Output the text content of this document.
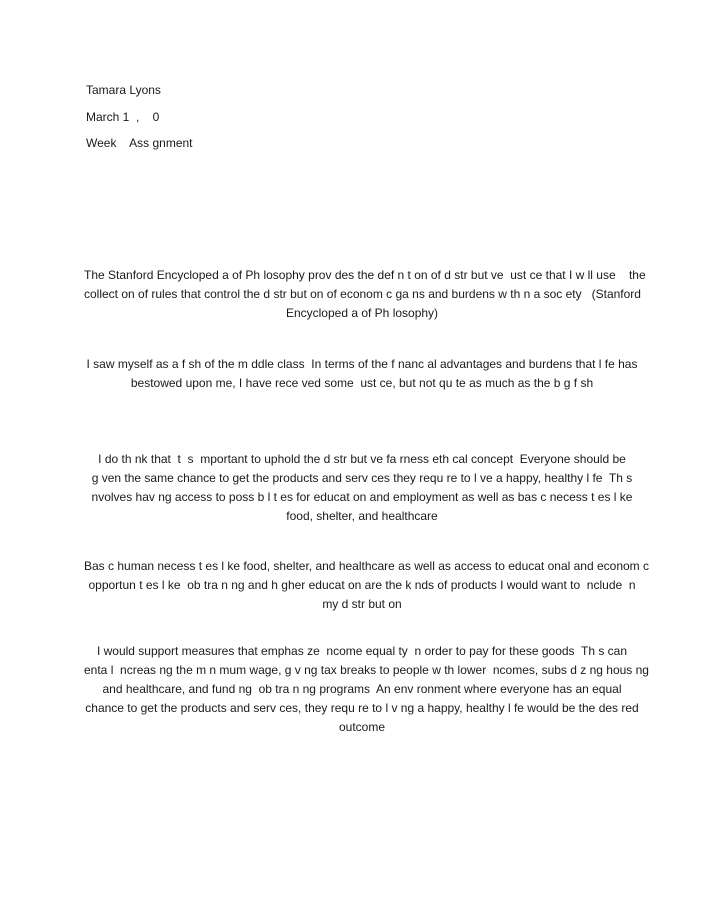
Tamara Lyons
March 1  ,    0
Week    Ass gnment
The Stanford Encycloped a of Ph losophy prov des the def n t on of d str but ve  ust ce that I w ll use    the
collect on of rules that control the d str but on of econom c ga ns and burdens w th n a soc ety   (Stanford
Encycloped a of Ph losophy)
I saw myself as a f sh of the m ddle class  In terms of the f nanc al advantages and burdens that l fe has
bestowed upon me, I have rece ved some  ust ce, but not qu te as much as the b g f sh
I do th nk that  t  s  mportant to uphold the d str but ve fa rness eth cal concept  Everyone should be
g ven the same chance to get the products and serv ces they requ re to l ve a happy, healthy l fe  Th s
nvolves hav ng access to poss b l t es for educat on and employment as well as bas c necess t es l ke
food, shelter, and healthcare
Bas c human necess t es l ke food, shelter, and healthcare as well as access to educat onal and econom c
opportun t es l ke  ob tra n ng and h gher educat on are the k nds of products I would want to  nclude  n
my d str but on
I would support measures that emphas ze  ncome equal ty  n order to pay for these goods  Th s can
enta l  ncreas ng the m n mum wage, g v ng tax breaks to people w th lower  ncomes, subs d z ng hous ng
and healthcare, and fund ng  ob tra n ng programs  An env ronment where everyone has an equal
chance to get the products and serv ces, they requ re to l v ng a happy, healthy l fe would be the des red
outcome
